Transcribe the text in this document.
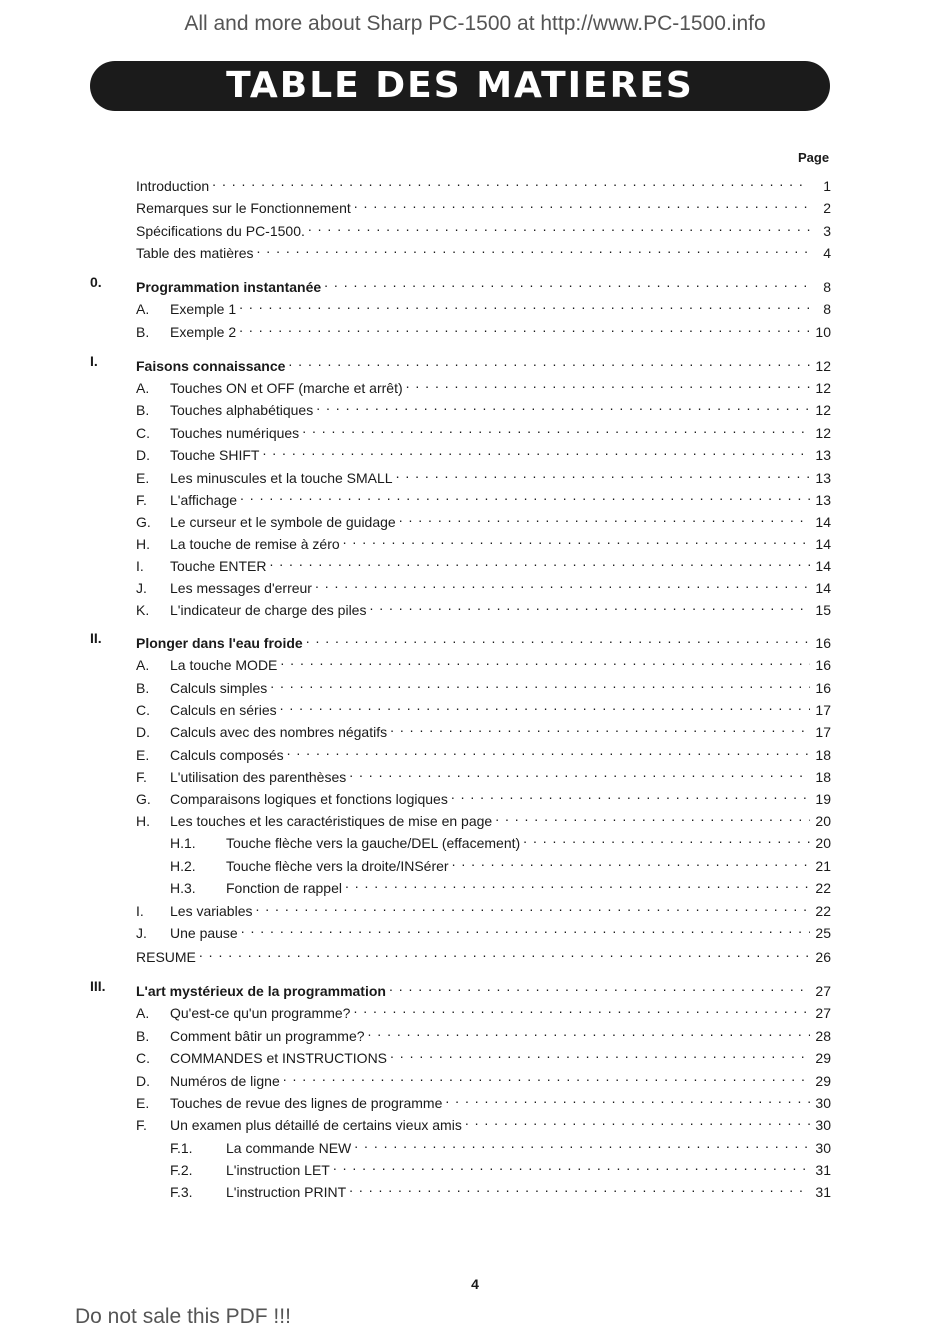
All and more about Sharp PC-1500 at http://www.PC-1500.info
TABLE DES MATIERES
Page
Introduction . . .	1
Remarques sur le Fonctionnement . . .	2
Spécifications du PC-1500. . . .	3
Table des matières . . .	4
0. Programmation instantanée . . .	8
A.	Exemple 1 . . .	8
B.	Exemple 2 . . .	10
I.	Faisons connaissance . . .	12
A.	Touches ON et OFF (marche et arrêt) . . .	12
B.	Touches alphabétiques . . .	12
C.	Touches numériques . . .	12
D.	Touche SHIFT . . .	13
E.	Les minuscules et la touche SMALL . . .	13
F.	L'affichage . . .	13
G.	Le curseur et le symbole de guidage . . .	14
H.	La touche de remise à zéro . . .	14
I.	Touche ENTER . . .	14
J.	Les messages d'erreur . . .	14
K.	L'indicateur de charge des piles . . .	15
II. Plonger dans l'eau froide . . .	16
A.	La touche MODE . . .	16
B.	Calculs simples . . .	16
C.	Calculs en séries . . .	17
D.	Calculs avec des nombres négatifs . . .	17
E.	Calculs composés . . .	18
F.	L'utilisation des parenthèses . . .	18
G.	Comparaisons logiques et fonctions logiques . . .	19
H.	Les touches et les caractéristiques de mise en page . . .	20
H.1.	Touche flèche vers la gauche/DEL (effacement) . . .	20
H.2.	Touche flèche vers la droite/INSérer . . .	21
H.3.	Fonction de rappel . . .	22
I.	Les variables . . .	22
J.	Une pause . . .	25
RESUME . . .	26
III. L'art mystérieux de la programmation . . .	27
A.	Qu'est-ce qu'un programme? . . .	27
B.	Comment bâtir un programme? . . .	28
C.	COMMANDES et INSTRUCTIONS . . .	29
D.	Numéros de ligne . . .	29
E.	Touches de revue des lignes de programme . . .	30
F.	Un examen plus détaillé de certains vieux amis . . .	30
F.1.	La commande NEW . . .	30
F.2.	L'instruction LET . . .	31
F.3.	L'instruction PRINT . . .	31
4
Do not sale this PDF !!!
